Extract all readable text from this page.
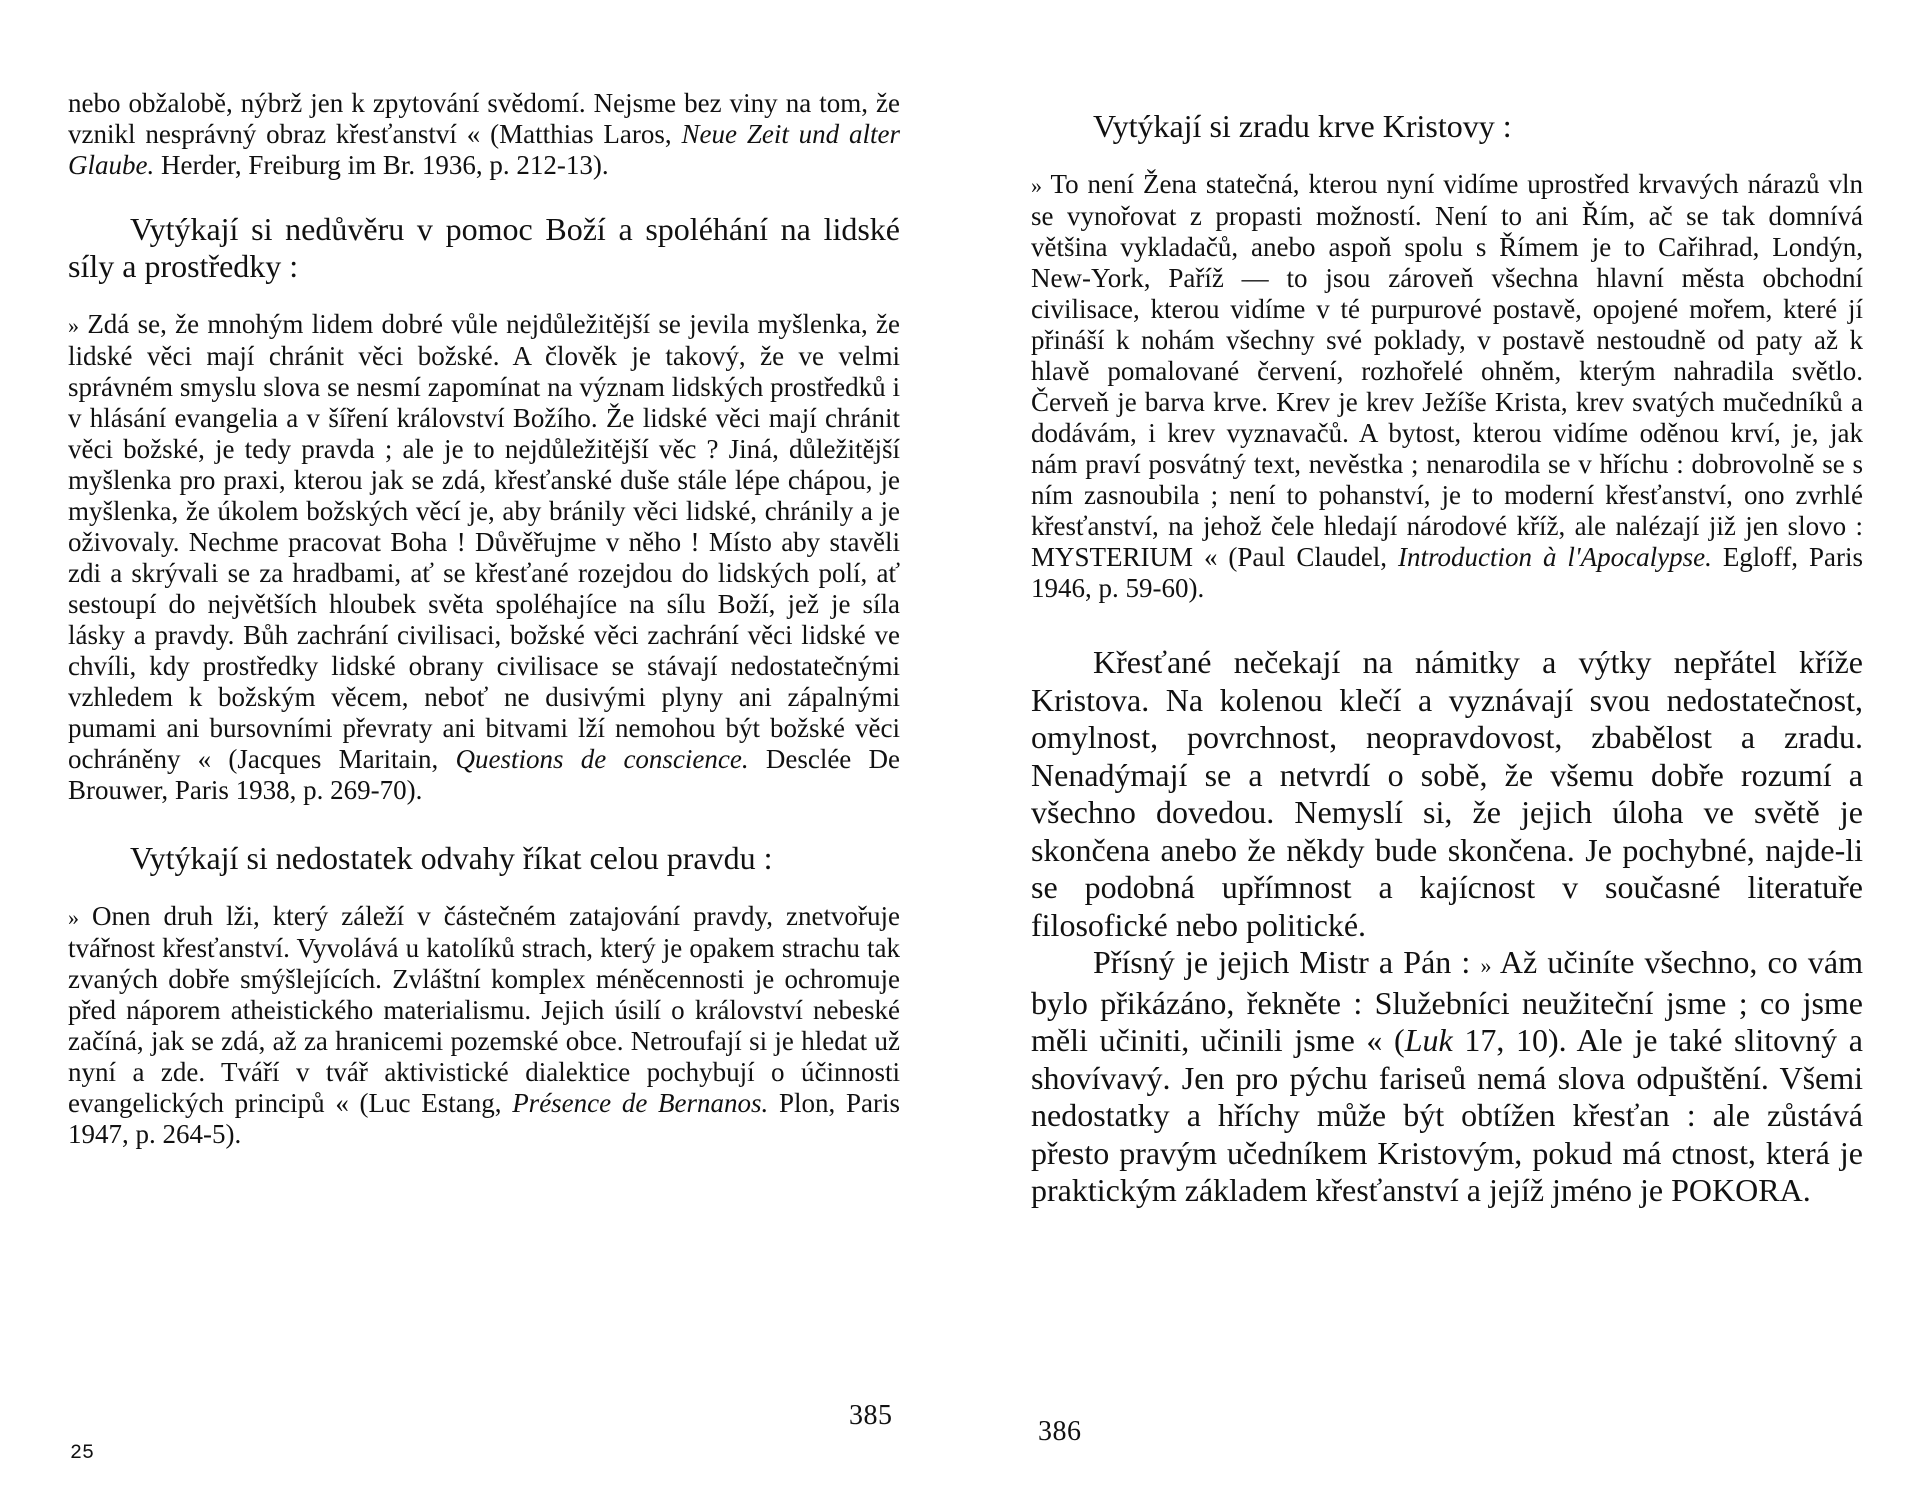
nebo obžalobě, nýbrž jen k zpytování svědomí. Nejsme bez viny na tom, že vznikl nesprávný obraz křesťanství « (Matthias Laros, Neue Zeit und alter Glaube. Herder, Freiburg im Br. 1936, p. 212-13).

Vytýkají si nedůvěru v pomoc Boží a spoléhání na lidské síly a prostředky :

» Zdá se, že mnohým lidem dobré vůle nejdůležitější se jevila myšlenka, že lidské věci mají chránit věci božské. A člověk je takový, že ve velmi správném smyslu slova se nesmí zapomínat na význam lidských prostředků i v hlásání evangelia a v šíření království Božího. Že lidské věci mají chránit věci božské, je tedy pravda ; ale je to nejdůležitější věc ? Jiná, důležitější myšlenka pro praxi, kterou jak se zdá, křesťanské duše stále lépe chápou, je myšlenka, že úkolem božských věcí je, aby bránily věci lidské, chránily a je oživovaly. Nechme pracovat Boha ! Důvěřujme v něho ! Místo aby stavěli zdi a skrývali se za hradbami, ať se křesťané rozejdou do lidských polí, ať sestoupí do největších hloubek světa spoléhajíce na sílu Boží, jež je síla lásky a pravdy. Bůh zachrání civilisaci, božské věci zachrání věci lidské ve chvíli, kdy prostředky lidské obrany civilisace se stávají nedostatečnými vzhledem k božským věcem, neboť ne dusivými plyny ani zápalnými pumami ani bursovními převraty ani bitvami lží nemohou být božské věci ochráněny « (Jacques Maritain, Questions de conscience. Desclée De Brouwer, Paris 1938, p. 269-70).

Vytýkají si nedostatek odvahy říkat celou pravdu :

» Onen druh lži, který záleží v částečném zatajování pravdy, znetvořuje tvářnost křesťanství. Vyvolává u katolíků strach, který je opakem strachu tak zvaných dobře smýšlejících. Zvláštní komplex méněcennosti je ochromuje před náporem atheistického materialismu. Jejich úsilí o království nebeské začíná, jak se zdá, až za hranicemi pozemské obce. Netroufají si je hledat už nyní a zde. Tváří v tvář aktivistické dialektice pochybují o účinnosti evangelických principů « (Luc Estang, Présence de Bernanos. Plon, Paris 1947, p. 264-5).

385
25

Vytýkají si zradu krve Kristovy :

» To není Žena statečná, kterou nyní vidíme uprostřed krvavých nárazů vln se vynořovat z propasti možností. Není to ani Řím, ač se tak domnívá většina vykladačů, anebo aspoň spolu s Římem je to Cařihrad, Londýn, New-York, Paříž — to jsou zároveň všechna hlavní města obchodní civilisace, kterou vidíme v té purpurové postavě, opojené mořem, které jí přináší k nohám všechny své poklady, v postavě nestoudně od paty až k hlavě pomalované červení, rozhořelé ohněm, kterým nahradila světlo. Červeň je barva krve. Krev je krev Ježíše Krista, krev svatých mučedníků a dodávám, i krev vyznavačů. A bytost, kterou vidíme oděnou krví, je, jak nám praví posvátný text, nevěstka ; nenarodila se v hříchu : dobrovolně se s ním zasnoubila ; není to pohanství, je to moderní křesťanství, ono zvrhlé křesťanství, na jehož čele hledají národové kříž, ale nalézají již jen slovo : MYSTERIUM « (Paul Claudel, Introduction à l'Apocalypse. Egloff, Paris 1946, p. 59-60).

Křesťané nečekají na námitky a výtky nepřátel kříže Kristova. Na kolenou klečí a vyznávají svou nedostatečnost, omylnost, povrchnost, neopravdovost, zbabělost a zradu. Nenadýmají se a netvrdí o sobě, že všemu dobře rozumí a všechno dovedou. Nemyslí si, že jejich úloha ve světě je skončena anebo že někdy bude skončena. Je pochybné, najde-li se podobná upřímnost a kajícnost v současné literatuře filosofické nebo politické.

Přísný je jejich Mistr a Pán : » Až učiníte všechno, co vám bylo přikázáno, řekněte : Služebníci neužiteční jsme ; co jsme měli učiniti, učinili jsme « (Luk 17, 10). Ale je také slitovný a shovívavý. Jen pro pýchu fariseů nemá slova odpuštění. Všemi nedostatky a hříchy může být obtížen křesťan : ale zůstává přesto pravým učedníkem Kristovým, pokud má ctnost, která je praktickým základem křesťanství a jejíž jméno je POKORA.

386
